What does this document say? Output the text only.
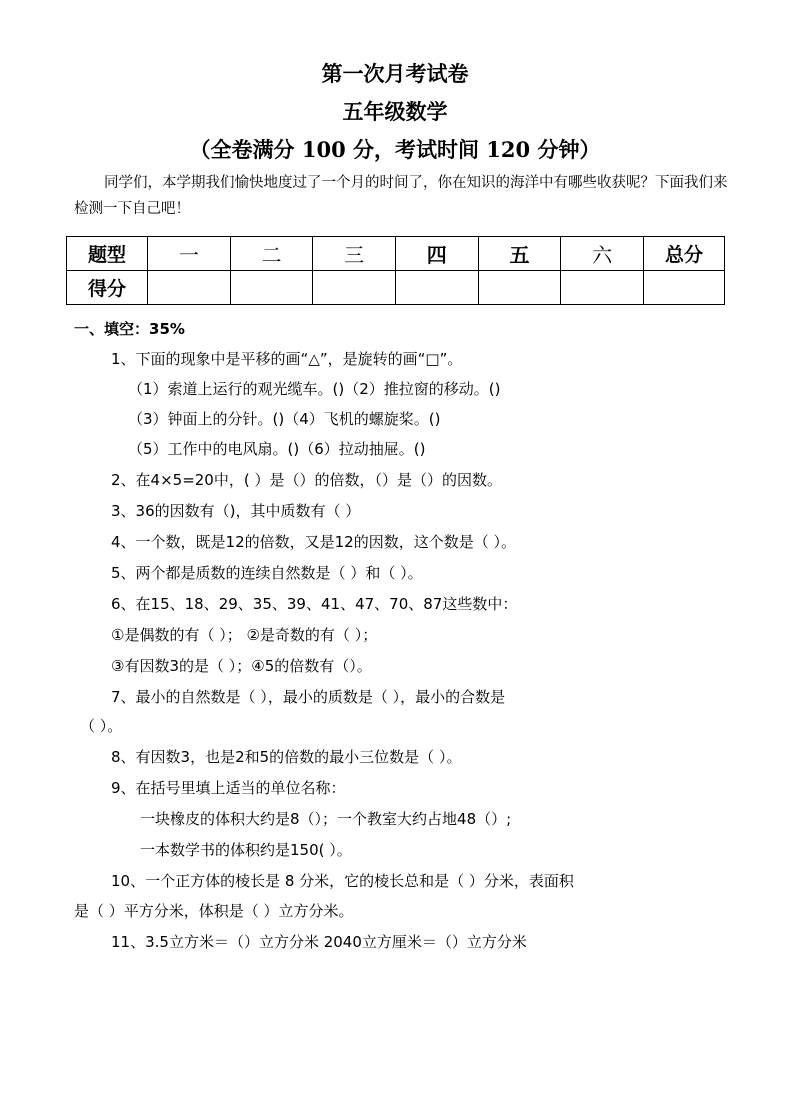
第一次月考试卷
五年级数学
（全卷满分 100 分，考试时间 120 分钟）
同学们，本学期我们愉快地度过了一个月的时间了，你在知识的海洋中有哪些收获呢？下面我们来检测一下自己吧！
题型	一	二	三	四	五	六	总分
得分							
一、填空：35%
1、下面的现象中是平移的画“△”，是旋转的画“□”。
（1）索道上运行的观光缆车。()（2）推拉窗的移动。()
（3）钟面上的分针。()（4）飞机的螺旋桨。()
（5）工作中的电风扇。()（6）拉动抽屉。()
2、在4×5=20中，( ）是（）的倍数，（）是（）的因数。
3、36的因数有（)，其中质数有（ ）
4、一个数，既是12的倍数，又是12的因数，这个数是（ ）。
5、两个都是质数的连续自然数是（ ）和（ ）。
6、在15、18、29、35、39、41、47、70、87这些数中：
①是偶数的有（ ）； ②是奇数的有（ ）；
③有因数3的是（ ）；④5的倍数有（）。
7、最小的自然数是（ ），最小的质数是（ ），最小的合数是
（ ）。
8、有因数3，也是2和5的倍数的最小三位数是（ ）。
9、在括号里填上适当的单位名称：
一块橡皮的体积大约是8（）；一个教室大约占地48（）;
一本数学书的体积约是150( ）。
10、一个正方体的棱长是 8 分米，它的棱长总和是（ ）分米，表面积
是（ ）平方分米，体积是（ ）立方分米。
11、3.5立方米＝（）立方分米 2040立方厘米＝（）立方分米
